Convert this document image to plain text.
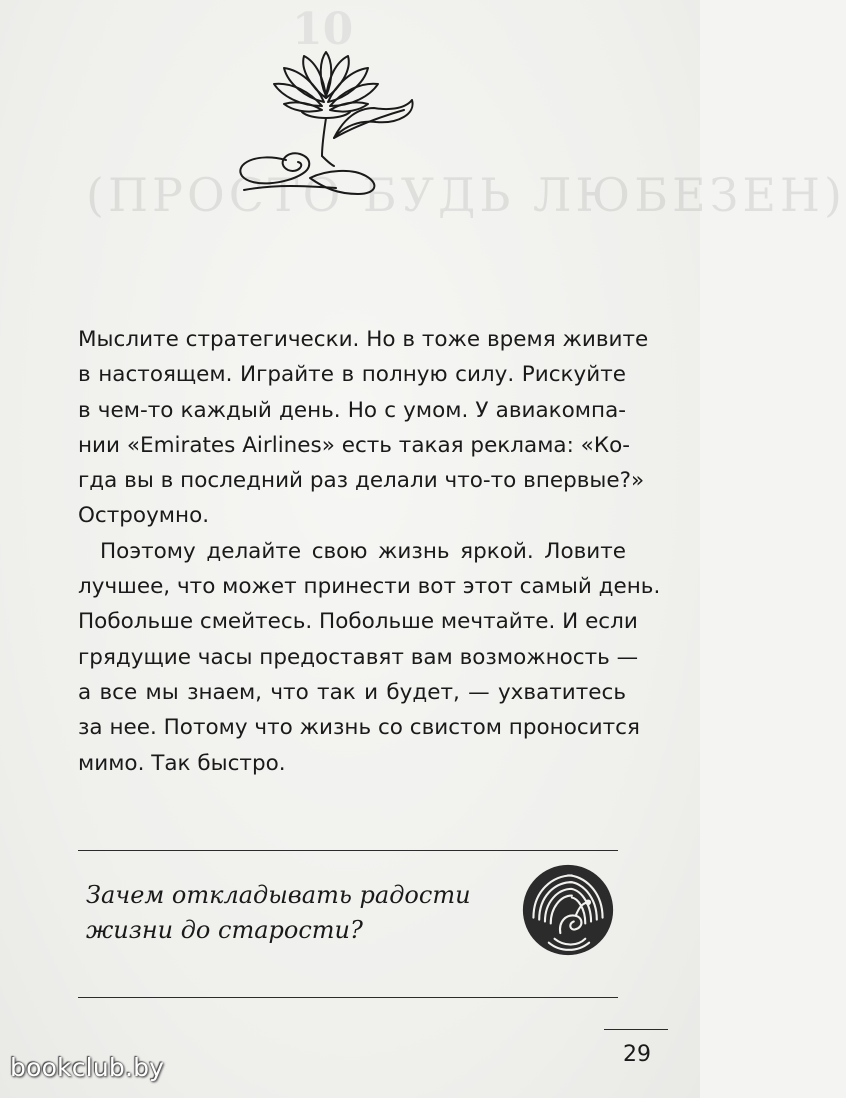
10
(ПРОСТО БУДЬ ЛЮБЕЗЕН)

Мыслите стратегически. Но в тоже время живите
в настоящем. Играйте в полную силу. Рискуйте
в чем-то каждый день. Но с умом. У авиакомпа-
нии «Emirates Airlines» есть такая реклама: «Ко-
гда вы в последний раз делали что-то впервые?»
Остроумно.

Поэтому делайте свою жизнь яркой. Ловите
лучшее, что может принести вот этот самый день.
Побольше смейтесь. Побольше мечтайте. И если
грядущие часы предоставят вам возможность —
а все мы знаем, что так и будет, — ухватитесь
за нее. Потому что жизнь со свистом проносится
мимо. Так быстро.

Зачем откладывать радости
жизни до старости?
29
bookclub.by
